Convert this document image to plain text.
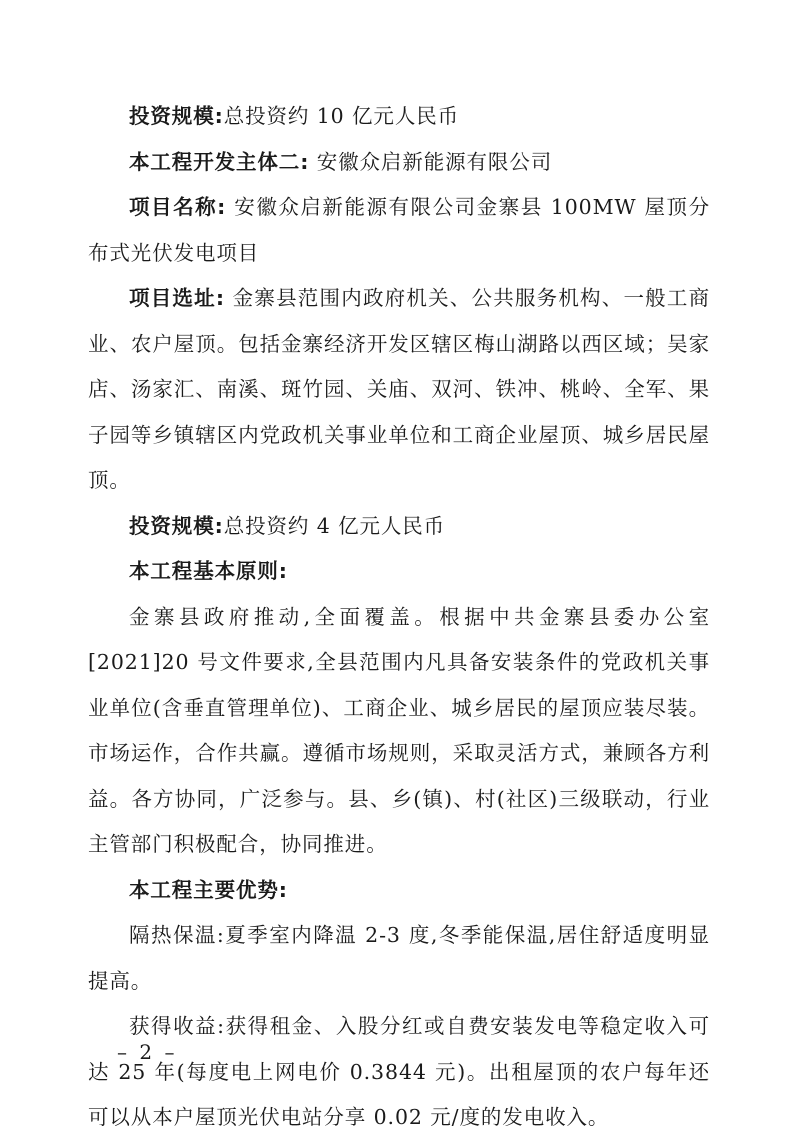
投资规模:总投资约 10 亿元人民币

本工程开发主体二: 安徽众启新能源有限公司

项目名称: 安徽众启新能源有限公司金寨县 100MW 屋顶分布式光伏发电项目

项目选址: 金寨县范围内政府机关、公共服务机构、一般工商业、农户屋顶。包括金寨经济开发区辖区梅山湖路以西区域；吴家店、汤家汇、南溪、斑竹园、关庙、双河、铁冲、桃岭、全军、果子园等乡镇辖区内党政机关事业单位和工商企业屋顶、城乡居民屋顶。

投资规模:总投资约 4 亿元人民币

本工程基本原则:

金寨县政府推动,全面覆盖。根据中共金寨县委办公室[2021]20 号文件要求,全县范围内凡具备安装条件的党政机关事业单位(含垂直管理单位)、工商企业、城乡居民的屋顶应装尽装。市场运作，合作共赢。遵循市场规则，采取灵活方式，兼顾各方利益。各方协同，广泛参与。县、乡(镇)、村(社区)三级联动，行业主管部门积极配合，协同推进。

本工程主要优势:

隔热保温:夏季室内降温 2-3 度,冬季能保温,居住舒适度明显提高。

获得收益:获得租金、入股分红或自费安装发电等稳定收入可达 25 年(每度电上网电价 0.3844 元)。出租屋顶的农户每年还可以从本户屋顶光伏电站分享 0.02 元/度的发电收入。

– 2 –
